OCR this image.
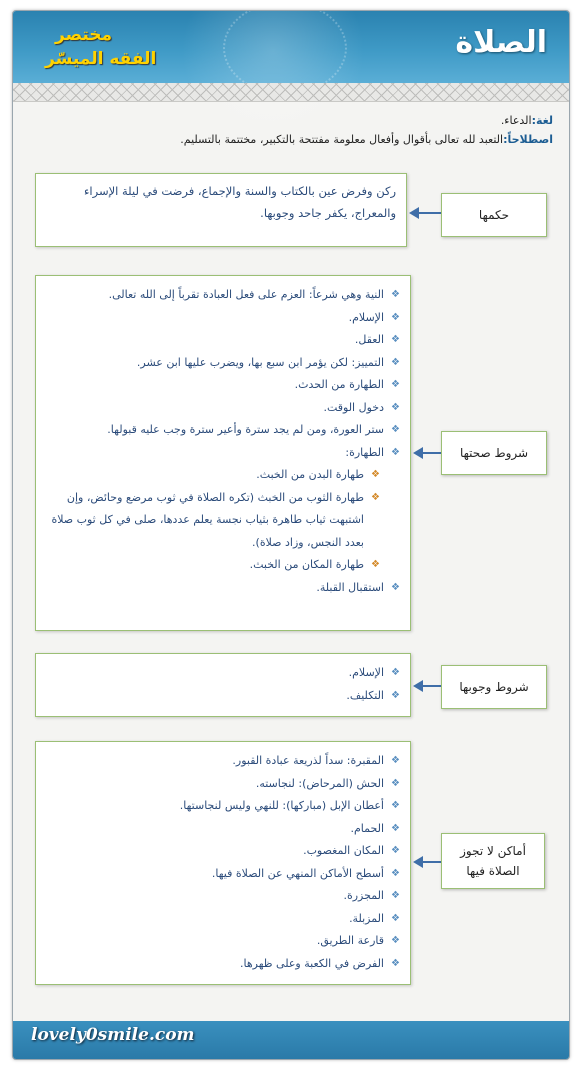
الصلاة
مختصر
الفقه الميسّر
لغة:الدعاء.
اصطلاحاً:التعبد لله تعالى بأقوال وأفعال معلومة مفتتحة بالتكبير، مختتمة بالتسليم.
ركن وفرض عين بالكتاب والسنة والإجماع، فرضت في ليلة الإسراء والمعراج، يكفر جاحد وجوبها.	حكمها
❖
النية وهي شرعاً: العزم على فعل العبادة تقرباً إلى الله تعالى.
❖
الإسلام.
❖
العقل.
❖
التمييز: لكن يؤمر ابن سبع بها، ويضرب عليها ابن عشر.
❖
الطهارة من الحدث.
❖
دخول الوقت.
❖
ستر العورة، ومن لم يجد سترة وأعير سترة وجب عليه قبولها.
❖
الطهارة:
❖
طهارة البدن من الخبث.
❖
طهارة الثوب من الخبث (تكره الصلاة في ثوب مرضع وحائض، وإن اشتبهت ثياب طاهرة بثياب نجسة يعلم عددها، صلى في كل ثوب صلاة بعدد النجس، وزاد صلاة).
❖
طهارة المكان من الخبث.
❖
استقبال القبلة.
شروط صحتها
❖
الإسلام.
❖
التكليف.
شروط وجوبها
❖
المقبرة: سداً لذريعة عبادة القبور.
❖
الحش (المرحاض): لنجاسته.
❖
أعطان الإبل (مباركها): للنهي وليس لنجاستها.
❖
الحمام.
❖
المكان المغصوب.
❖
أسطح الأماكن المنهي عن الصلاة فيها.
❖
المجزرة.
❖
المزبلة.
❖
قارعة الطريق.
❖
الفرض في الكعبة وعلى ظهرها.
أماكن لا تجوز الصلاة فيها
lovely0smile.com
